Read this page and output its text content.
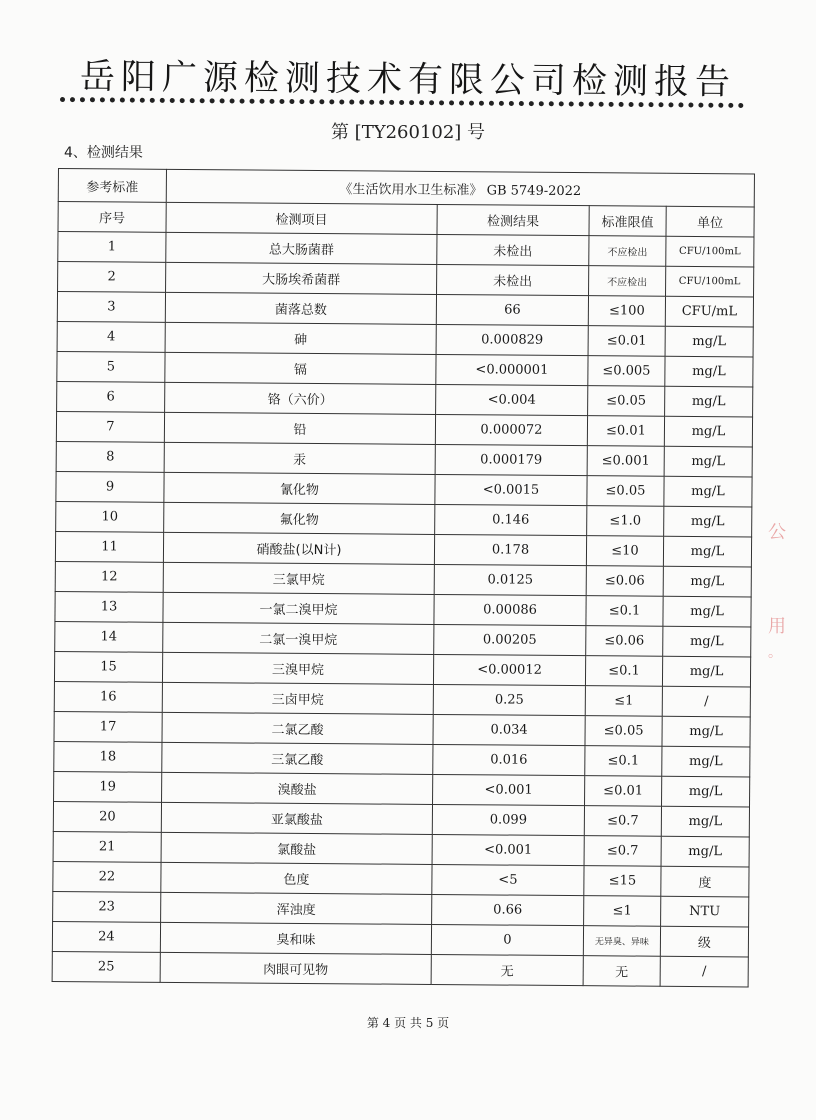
岳阳广源检测技术有限公司检测报告
第 [TY260102] 号
4、检测结果
参考标准	《生活饮用水卫生标准》 GB 5749-2022			
序号	检测项目	检测结果	标准限值	单位
1	总大肠菌群	未检出	不应检出	CFU/100mL
2	大肠埃希菌群	未检出	不应检出	CFU/100mL
3	菌落总数	66	≤100	CFU/mL
4	砷	0.000829	≤0.01	mg/L
5	镉	<0.000001	≤0.005	mg/L
6	铬（六价）	<0.004	≤0.05	mg/L
7	铅	0.000072	≤0.01	mg/L
8	汞	0.000179	≤0.001	mg/L
9	氰化物	<0.0015	≤0.05	mg/L
10	氟化物	0.146	≤1.0	mg/L
11	硝酸盐(以N计)	0.178	≤10	mg/L
12	三氯甲烷	0.0125	≤0.06	mg/L
13	一氯二溴甲烷	0.00086	≤0.1	mg/L
14	二氯一溴甲烷	0.00205	≤0.06	mg/L
15	三溴甲烷	<0.00012	≤0.1	mg/L
16	三卤甲烷	0.25	≤1	/
17	二氯乙酸	0.034	≤0.05	mg/L
18	三氯乙酸	0.016	≤0.1	mg/L
19	溴酸盐	<0.001	≤0.01	mg/L
20	亚氯酸盐	0.099	≤0.7	mg/L
21	氯酸盐	<0.001	≤0.7	mg/L
22	色度	<5	≤15	度
23	浑浊度	0.66	≤1	NTU
24	臭和味	0	无异臭、异味	级
25	肉眼可见物	无	无	/
第 4 页 共 5 页
公
用
。
